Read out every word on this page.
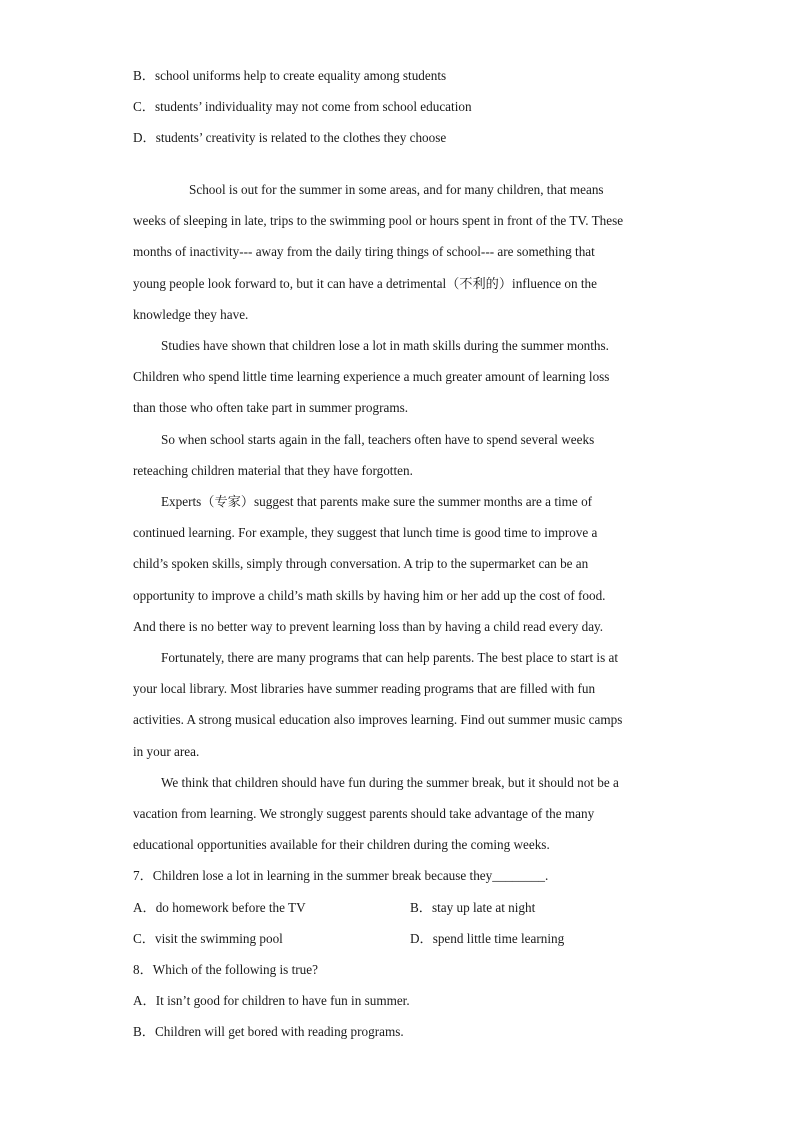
B．school uniforms help to create equality among students
C．students’ individuality may not come from school education
D．students’ creativity is related to the clothes they choose
School is out for the summer in some areas, and for many children, that means
weeks of sleeping in late, trips to the swimming pool or hours spent in front of the TV. These
months of inactivity--- away from the daily tiring things of school--- are something that
young people look forward to, but it can have a detrimental（不利的）influence on the
knowledge they have.
Studies have shown that children lose a lot in math skills during the summer months.
Children who spend little time learning experience a much greater amount of learning loss
than those who often take part in summer programs.
So when school starts again in the fall, teachers often have to spend several weeks
reteaching children material that they have forgotten.
Experts（专家）suggest that parents make sure the summer months are a time of
continued learning. For example, they suggest that lunch time is good time to improve a
child’s spoken skills, simply through conversation. A trip to the supermarket can be an
opportunity to improve a child’s math skills by having him or her add up the cost of food.
And there is no better way to prevent learning loss than by having a child read every day.
Fortunately, there are many programs that can help parents. The best place to start is at
your local library. Most libraries have summer reading programs that are filled with fun
activities. A strong musical education also improves learning. Find out summer music camps
in your area.
We think that children should have fun during the summer break, but it should not be a
vacation from learning. We strongly suggest parents should take advantage of the many
educational opportunities available for their children during the coming weeks.
7．Children lose a lot in learning in the summer break because they________.
A．do homework before the TV	B．stay up late at night
C．visit the swimming pool	D．spend little time learning
8．Which of the following is true?
A．It isn’t good for children to have fun in summer.
B．Children will get bored with reading programs.
